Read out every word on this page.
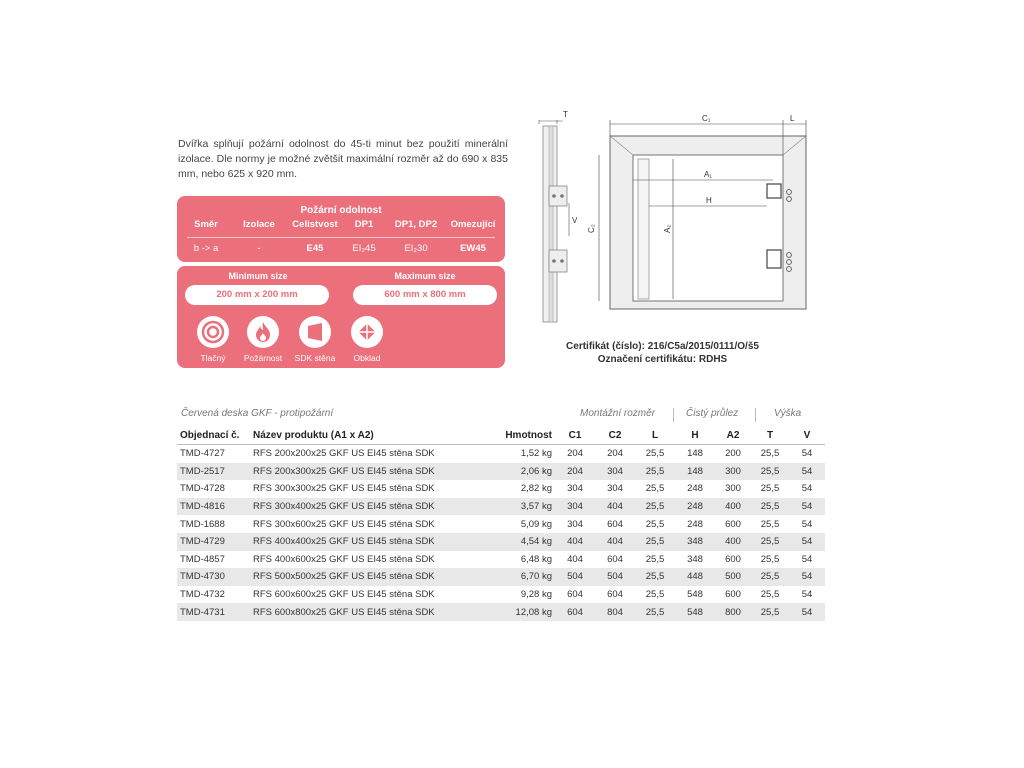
Dvířka splňují požární odolnost do 45-ti minut bez použití minerální izolace. Dle normy je možné zvětšit maximální rozměr až do 690 x 835 mm, nebo 625 x 920 mm.
Požární odolnost
Směr	Izolace	Celistvost	DP1	DP1, DP2	Omezující
b -> a	-	E45	EI₂45	EI₂30	EW45
Minimum size	Maximum size
200 mm x 200 mm	600 mm x 800 mm
Tlačný	Požárnost	SDK stěna	Obklad
C₁	L
T
V
A₁
H
C₂	A₂
Certifikát (číslo): 216/C5a/2015/0111/O/š5
Označení certifikátu: RDHS
Červená deska GKF - protipožární	Montážní rozměr	Čistý průlez	Výška
Objednací č.	Název produktu (A1 x A2)	Hmotnost	C1	C2	L	H	A2	T	V
TMD-4727	RFS 200x200x25 GKF US EI45 stěna SDK	1,52 kg	204	204	25,5	148	200	25,5	54
TMD-2517	RFS 200x300x25 GKF US EI45 stěna SDK	2,06 kg	204	304	25,5	148	300	25,5	54
TMD-4728	RFS 300x300x25 GKF US EI45 stěna SDK	2,82 kg	304	304	25,5	248	300	25,5	54
TMD-4816	RFS 300x400x25 GKF US EI45 stěna SDK	3,57 kg	304	404	25,5	248	400	25,5	54
TMD-1688	RFS 300x600x25 GKF US EI45 stěna SDK	5,09 kg	304	604	25,5	248	600	25,5	54
TMD-4729	RFS 400x400x25 GKF US EI45 stěna SDK	4,54 kg	404	404	25,5	348	400	25,5	54
TMD-4857	RFS 400x600x25 GKF US EI45 stěna SDK	6,48 kg	404	604	25,5	348	600	25,5	54
TMD-4730	RFS 500x500x25 GKF US EI45 stěna SDK	6,70 kg	504	504	25,5	448	500	25,5	54
TMD-4732	RFS 600x600x25 GKF US EI45 stěna SDK	9,28 kg	604	604	25,5	548	600	25,5	54
TMD-4731	RFS 600x800x25 GKF US EI45 stěna SDK	12,08 kg	604	804	25,5	548	800	25,5	54
